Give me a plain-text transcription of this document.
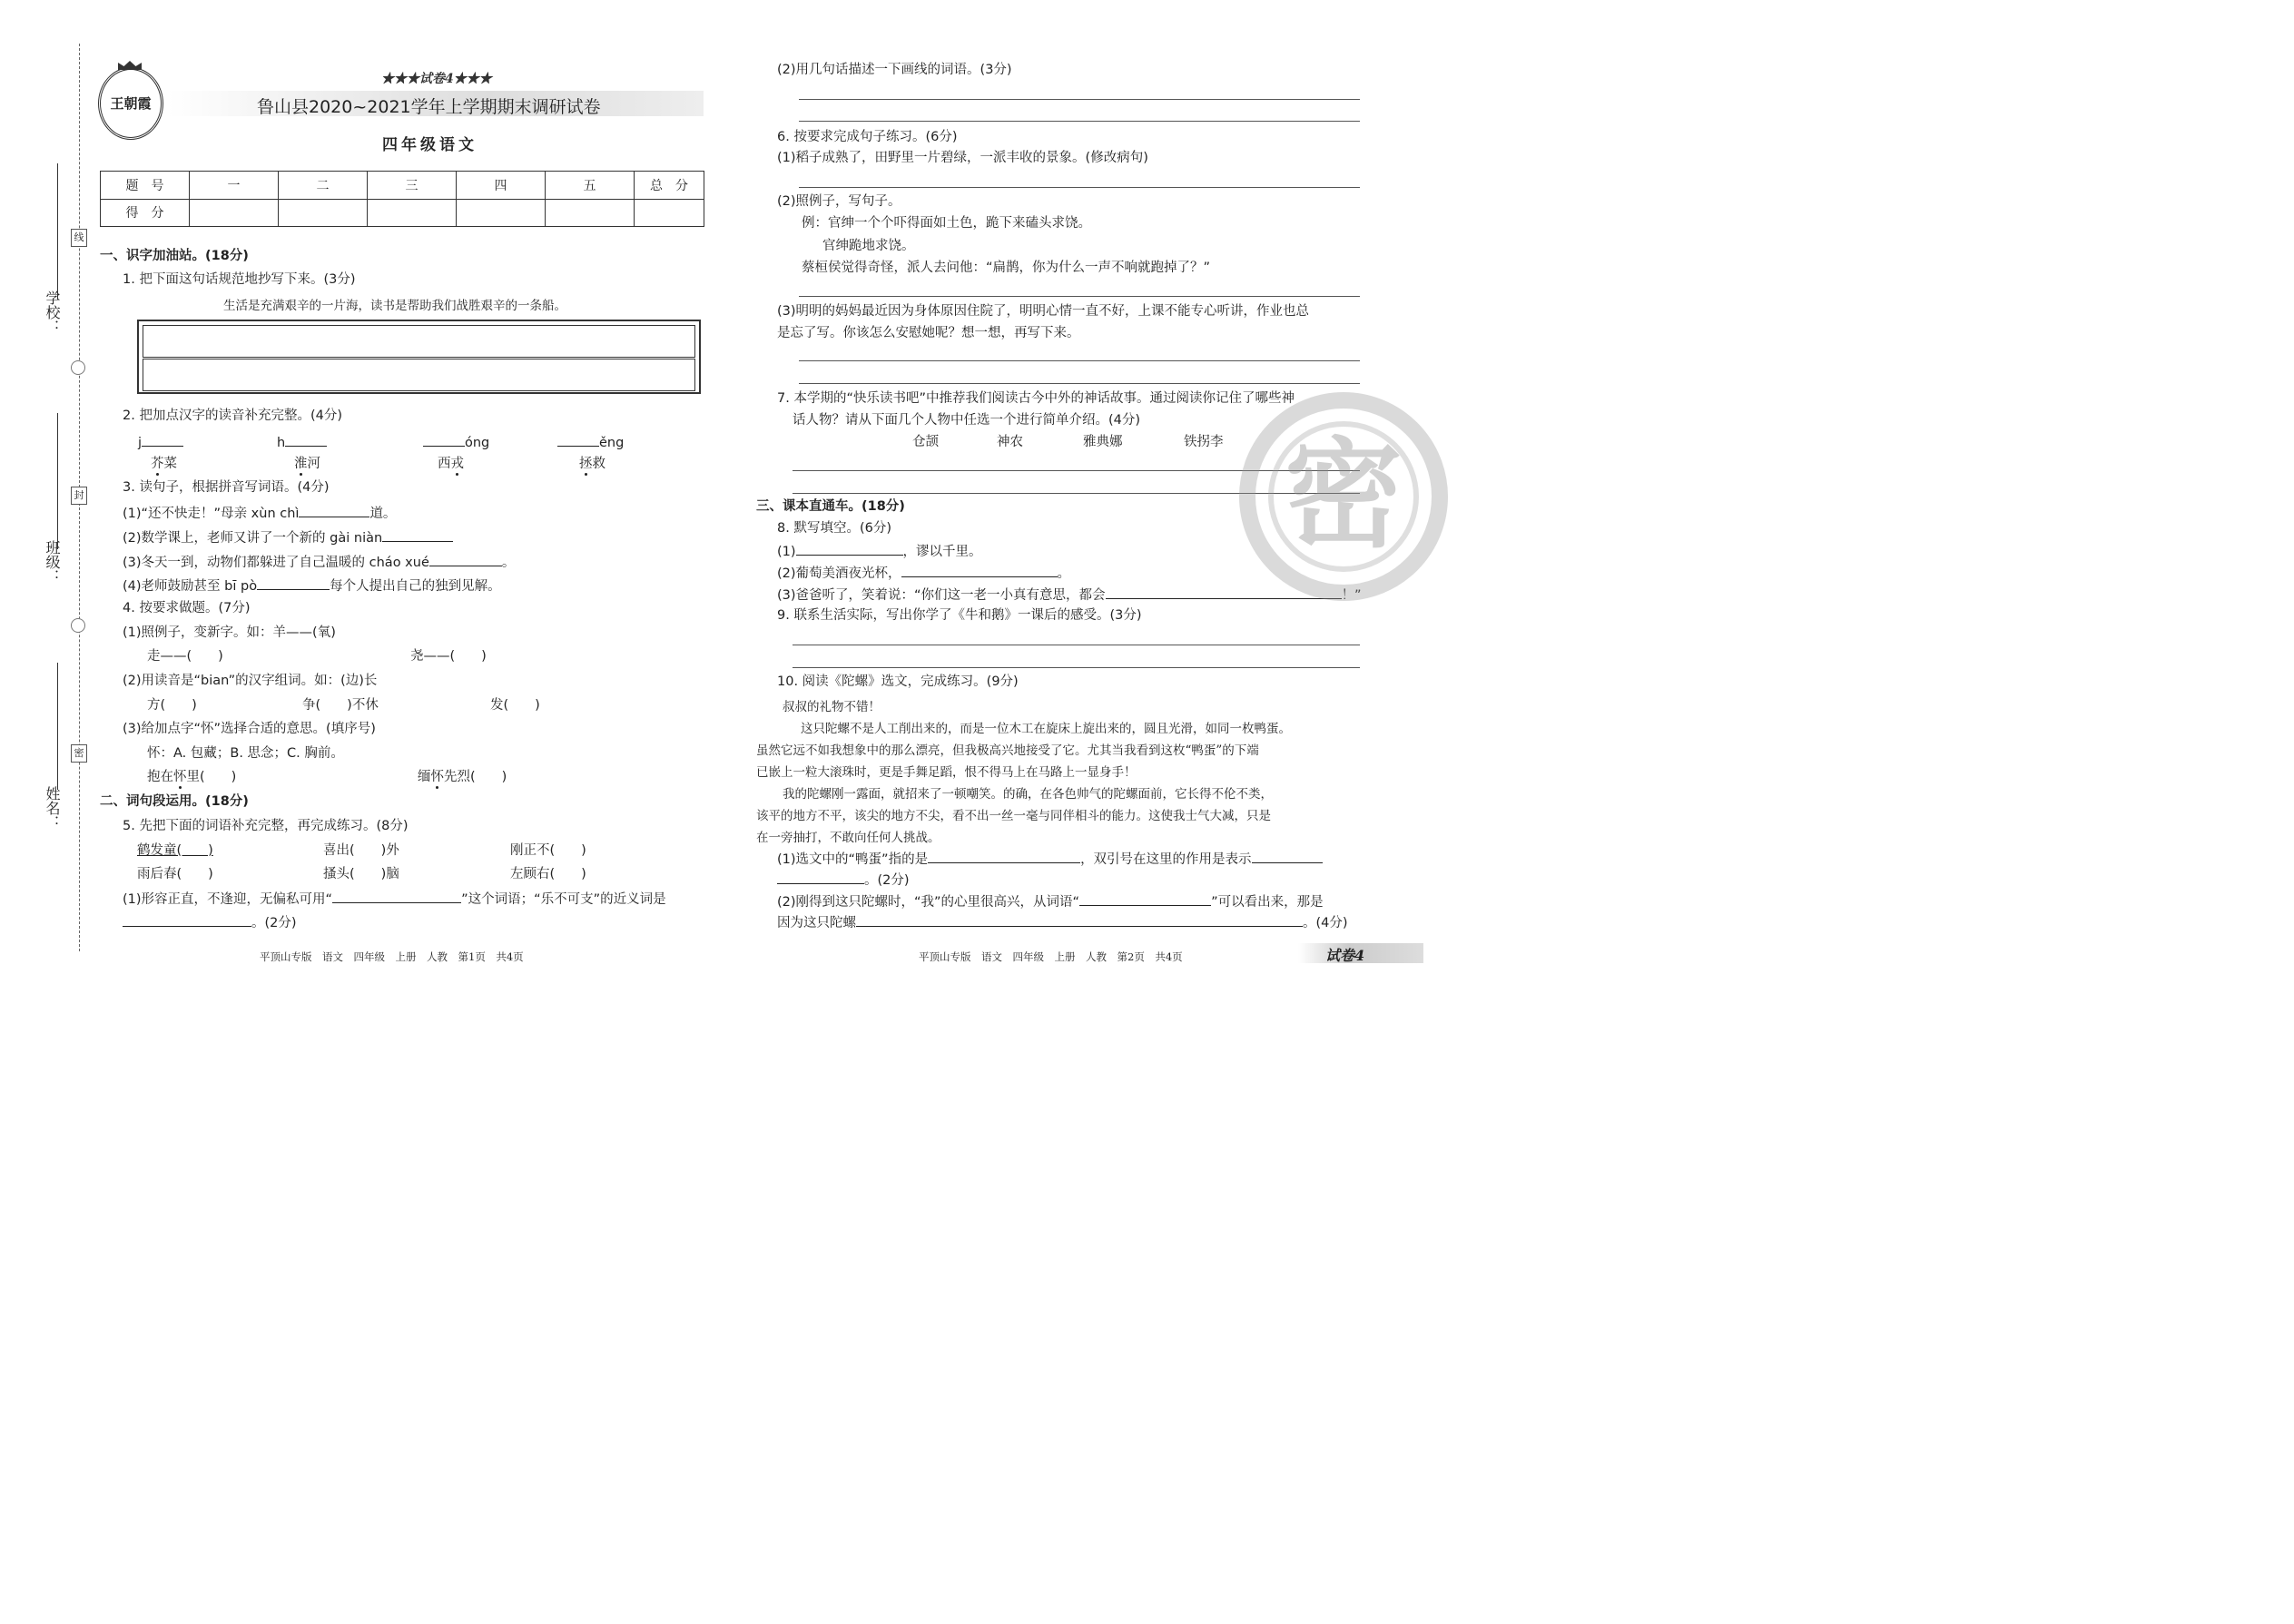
学校：
班级：
姓名：
线
封
密
王朝霞
★★★试卷4★★★
鲁山县2020~2021学年上学期期末调研试卷
四年级语文
题　号	一	二	三	四	五	总　分
得　分						
一、识字加油站。(18分)
1. 把下面这句话规范地抄写下来。(3分)
生活是充满艰辛的一片海，读书是帮助我们战胜艰辛的一条船。
2. 把加点汉字的读音补充完整。(4分)
j	h	óng	ěng
芥菜	淮河	西戎	拯救
3. 读句子，根据拼音写词语。(4分)
(1)“还不快走！”母亲 xùn chì	道。
(2)数学课上，老师又讲了一个新的 gài niàn
(3)冬天一到，动物们都躲进了自己温暖的 cháo xué	。
(4)老师鼓励甚至 bī pò	每个人提出自己的独到见解。
4. 按要求做题。(7分)
(1)照例子，变新字。如：羊——(氧)
走——(　　)	尧——(　　)
(2)用读音是“bian”的汉字组词。如：(边)长
方(　　)	争(　　)不休	发(　　)
(3)给加点字“怀”选择合适的意思。(填序号)
怀：A. 包藏；B. 思念；C. 胸前。
抱在怀里(　　)	缅怀先烈(　　)
二、词句段运用。(18分)
5. 先把下面的词语补充完整，再完成练习。(8分)
鹤发童(　　)	喜出(　　)外	刚正不(　　)
雨后春(　　)	搔头(　　)脑	左顾右(　　)
(1)形容正直，不逢迎，无偏私可用“	”这个词语；“乐不可支”的近义词是
。(2分)
平顶山专版　语文　四年级　上册　人教　第1页　共4页
(2)用几句话描述一下画线的词语。(3分)
6. 按要求完成句子练习。(6分)
(1)稻子成熟了，田野里一片碧绿，一派丰收的景象。(修改病句)
(2)照例子，写句子。
例：官绅一个个吓得面如土色，跪下来磕头求饶。
官绅跪地求饶。
蔡桓侯觉得奇怪，派人去问他：“扁鹊，你为什么一声不响就跑掉了？”
(3)明明的妈妈最近因为身体原因住院了，明明心情一直不好，上课不能专心听讲，作业也总
是忘了写。你该怎么安慰她呢？想一想，再写下来。
7. 本学期的“快乐读书吧”中推荐我们阅读古今中外的神话故事。通过阅读你记住了哪些神
话人物？请从下面几个人物中任选一个进行简单介绍。(4分)
仓颉	神农	雅典娜	铁拐李
三、课本直通车。(18分)
8. 默写填空。(6分)
(1)	，谬以千里。
(2)葡萄美酒夜光杯，	。
(3)爸爸听了，笑着说：“你们这一老一小真有意思，都会	！”
9. 联系生活实际，写出你学了《牛和鹅》一课后的感受。(3分)
10. 阅读《陀螺》选文，完成练习。(9分)
叔叔的礼物不错！
这只陀螺不是人工削出来的，而是一位木工在旋床上旋出来的，圆且光滑，如同一枚鸭蛋。
虽然它远不如我想象中的那么漂亮，但我极高兴地接受了它。尤其当我看到这枚“鸭蛋”的下端
已嵌上一粒大滚珠时，更是手舞足蹈，恨不得马上在马路上一显身手！
我的陀螺刚一露面，就招来了一顿嘲笑。的确，在各色帅气的陀螺面前，它长得不伦不类，
该平的地方不平，该尖的地方不尖，看不出一丝一毫与同伴相斗的能力。这使我士气大减，只是
在一旁抽打，不敢向任何人挑战。
(1)选文中的“鸭蛋”指的是	，双引号在这里的作用是表示
。(2分)
(2)刚得到这只陀螺时，“我”的心里很高兴，从词语“	”可以看出来，那是
因为这只陀螺	。(4分)
密
平顶山专版　语文　四年级　上册　人教　第2页　共4页	试卷4
